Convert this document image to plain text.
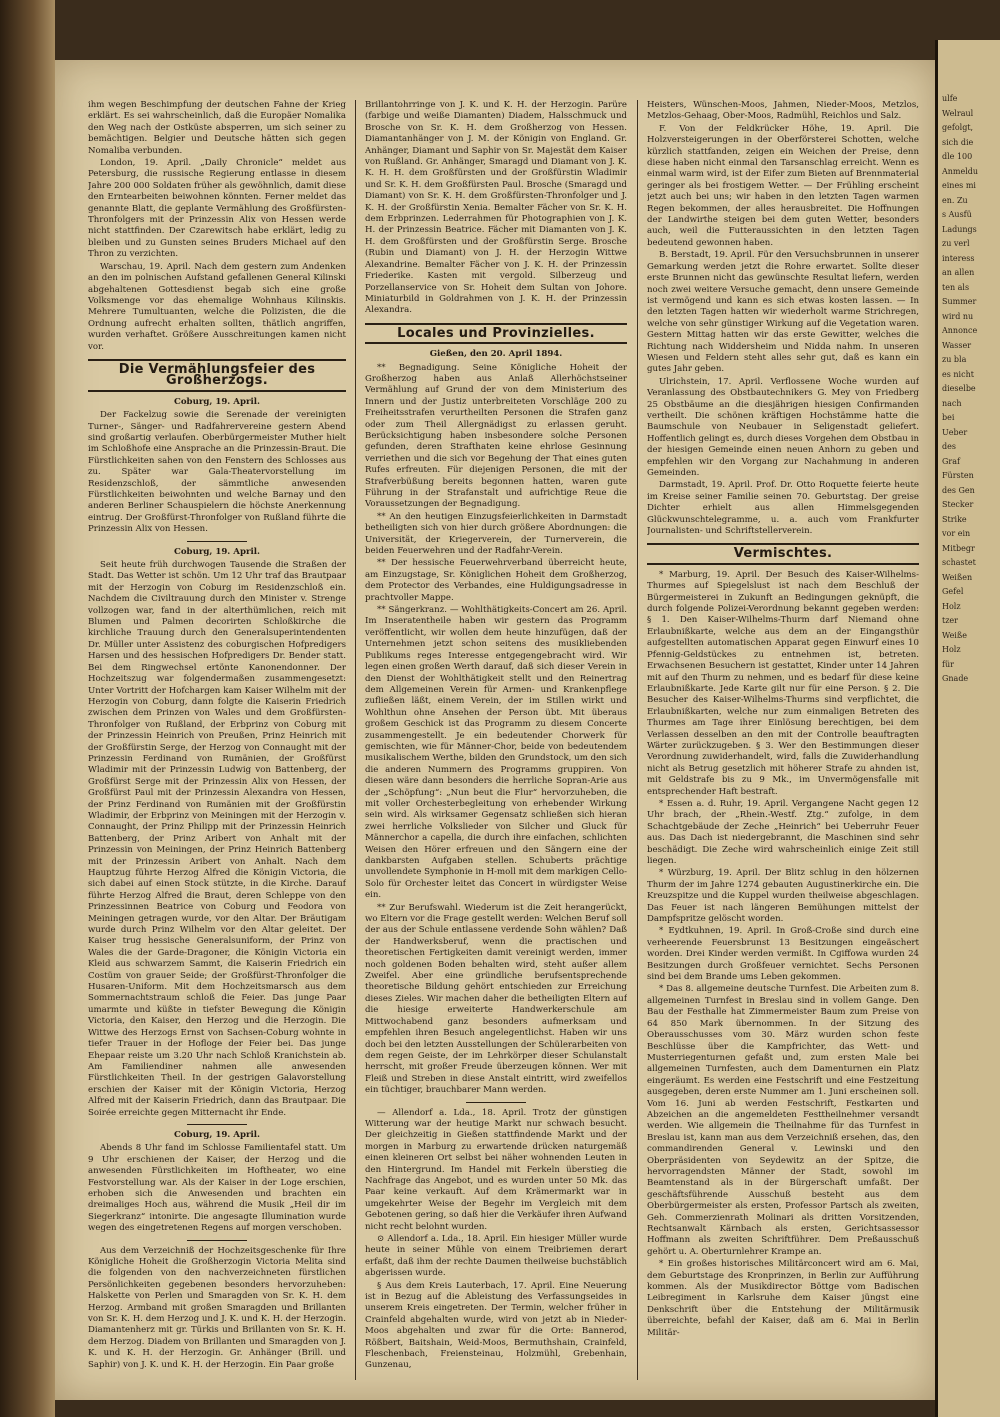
ihm wegen Beschimpfung der deutschen Fahne der Krieg erklärt. Es sei wahrscheinlich, daß die Europäer Nomalika den Weg nach der Ostküste absperren, um sich seiner zu bemächtigen. Belgier und Deutsche hätten sich gegen Nomaliba verbunden.

London, 19. April. „Daily Chronicle“ meldet aus Petersburg, die russische Regierung entlasse in diesem Jahre 200 000 Soldaten früher als gewöhnlich, damit diese den Erntearbeiten beiwohnen könnten. Ferner meldet das genannte Blatt, die geplante Vermählung des Großfürsten-Thronfolgers mit der Prinzessin Alix von Hessen werde nicht stattfinden. Der Czarewitsch habe erklärt, ledig zu bleiben und zu Gunsten seines Bruders Michael auf den Thron zu verzichten.

Warschau, 19. April. Nach dem gestern zum Andenken an den im polnischen Aufstand gefallenen General Kilinski abgehaltenen Gottesdienst begab sich eine große Volksmenge vor das ehemalige Wohnhaus Kilinskis. Mehrere Tumultuanten, welche die Polizisten, die die Ordnung aufrecht erhalten sollten, thätlich angriffen, wurden verhaftet. Größere Ausschreitungen kamen nicht vor.

Die Vermählungsfeier des Großherzogs.
Coburg, 19. April.

Der Fackelzug sowie die Serenade der vereinigten Turner-, Sänger- und Radfahrervereine gestern Abend sind großartig verlaufen. Oberbürgermeister Muther hielt im Schloßhofe eine Ansprache an die Prinzessin-Braut. Die Fürstlichkeiten sahen von den Fenstern des Schlosses aus zu. Später war Gala-Theatervorstellung im Residenzschloß, der sämmtliche anwesenden Fürstlichkeiten beiwohnten und welche Barnay und den anderen Berliner Schauspielern die höchste Anerkennung eintrug. Der Großfürst-Thronfolger von Rußland führte die Prinzessin Alix von Hessen.

Coburg, 19. April.

Seit heute früh durchwogen Tausende die Straßen der Stadt. Das Wetter ist schön. Um 12 Uhr traf das Brautpaar mit der Herzogin von Coburg im Residenzschloß ein. Nachdem die Civiltrauung durch den Minister v. Strenge vollzogen war, fand in der alterthümlichen, reich mit Blumen und Palmen decorirten Schloßkirche die kirchliche Trauung durch den Generalsuperintendenten Dr. Müller unter Assistenz des coburgischen Hofpredigers Harsen und des hessischen Hofpredigers Dr. Bender statt. Bei dem Ringwechsel ertönte Kanonendonner. Der Hochzeitszug war folgendermaßen zusammengesetzt: Unter Vortritt der Hofchargen kam Kaiser Wilhelm mit der Herzogin von Coburg, dann folgte die Kaiserin Friedrich zwischen dem Prinzen von Wales und dem Großfürsten-Thronfolger von Rußland, der Erbprinz von Coburg mit der Prinzessin Heinrich von Preußen, Prinz Heinrich mit der Großfürstin Serge, der Herzog von Connaught mit der Prinzessin Ferdinand von Rumänien, der Großfürst Wladimir mit der Prinzessin Ludwig von Battenberg, der Großfürst Serge mit der Prinzessin Alix von Hessen, der Großfürst Paul mit der Prinzessin Alexandra von Hessen, der Prinz Ferdinand von Rumänien mit der Großfürstin Wladimir, der Erbprinz von Meiningen mit der Herzogin v. Connaught, der Prinz Philipp mit der Prinzessin Heinrich Battenberg, der Prinz Aribert von Anhalt mit der Prinzessin von Meiningen, der Prinz Heinrich Battenberg mit der Prinzessin Aribert von Anhalt. Nach dem Hauptzug führte Herzog Alfred die Königin Victoria, die sich dabei auf einen Stock stützte, in die Kirche. Darauf führte Herzog Alfred die Braut, deren Schleppe von den Prinzessinnen Beatrice von Coburg und Feodora von Meiningen getragen wurde, vor den Altar. Der Bräutigam wurde durch Prinz Wilhelm vor den Altar geleitet. Der Kaiser trug hessische Generalsuniform, der Prinz von Wales die der Garde-Dragoner, die Königin Victoria ein Kleid aus schwarzem Sammt, die Kaiserin Friedrich ein Costüm von grauer Seide; der Großfürst-Thronfolger die Husaren-Uniform. Mit dem Hochzeitsmarsch aus dem Sommernachtstraum schloß die Feier. Das junge Paar umarmte und küßte in tiefster Bewegung die Königin Victoria, den Kaiser, den Herzog und die Herzogin. Die Wittwe des Herzogs Ernst von Sachsen-Coburg wohnte in tiefer Trauer in der Hofloge der Feier bei. Das junge Ehepaar reiste um 3.20 Uhr nach Schloß Kranichstein ab. Am Familiendiner nahmen alle anwesenden Fürstlichkeiten Theil. In der gestrigen Galavorstellung erschien der Kaiser mit der Königin Victoria, Herzog Alfred mit der Kaiserin Friedrich, dann das Brautpaar. Die Soirée erreichte gegen Mitternacht ihr Ende.

Coburg, 19. April.

Abends 8 Uhr fand im Schlosse Familientafel statt. Um 9 Uhr erschienen der Kaiser, der Herzog und die anwesenden Fürstlichkeiten im Hoftheater, wo eine Festvorstellung war. Als der Kaiser in der Loge erschien, erhoben sich die Anwesenden und brachten ein dreimaliges Hoch aus, während die Musik „Heil dir im Siegerkranz“ intonirte. Die angesagte Illumination wurde wegen des eingetretenen Regens auf morgen verschoben.

Aus dem Verzeichniß der Hochzeitsgeschenke für Ihre Königliche Hoheit die Großherzogin Victoria Melita sind die folgenden von den nachverzeichneten fürstlichen Persönlichkeiten gegebenen besonders hervorzuheben: Halskette von Perlen und Smaragden von Sr. K. H. dem Herzog. Armband mit großen Smaragden und Brillanten von Sr. K. H. dem Herzog und J. K. und K. H. der Herzogin. Diamantenherz mit gr. Türkis und Brillanten von Sr. K. H. dem Herzog. Diadem von Brillanten und Smaragden von J. K. und K. H. der Herzogin. Gr. Anhänger (Brill. und Saphir) von J. K. und K. H. der Herzogin. Ein Paar große

Brillantohrringe von J. K. und K. H. der Herzogin. Parüre (farbige und weiße Diamanten) Diadem, Halsschmuck und Brosche von Sr. K. H. dem Großherzog von Hessen. Diamantanhänger von J. M. der Königin von England. Gr. Anhänger, Diamant und Saphir von Sr. Majestät dem Kaiser von Rußland. Gr. Anhänger, Smaragd und Diamant von J. K. K. H. H. dem Großfürsten und der Großfürstin Wladimir und Sr. K. H. dem Großfürsten Paul. Brosche (Smaragd und Diamant) von Sr. K. H. dem Großfürsten-Thronfolger und J. K. H. der Großfürstin Xenia. Bemalter Fächer von Sr. K. H. dem Erbprinzen. Lederrahmen für Photographien von J. K. H. der Prinzessin Beatrice. Fächer mit Diamanten von J. K. H. dem Großfürsten und der Großfürstin Serge. Brosche (Rubin und Diamant) von J. H. der Herzogin Wittwe Alexandrine. Bemalter Fächer von J. K. H. der Prinzessin Friederike. Kasten mit vergold. Silberzeug und Porzellanservice von Sr. Hoheit dem Sultan von Johore. Miniaturbild in Goldrahmen von J. K. H. der Prinzessin Alexandra.

Locales und Provinzielles.
Gießen, den 20. April 1894.

** Begnadigung. Seine Königliche Hoheit der Großherzog haben aus Anlaß Allerhöchstseiner Vermählung auf Grund der von dem Ministerium des Innern und der Justiz unterbreiteten Vorschläge 200 zu Freiheitsstrafen verurtheilten Personen die Strafen ganz oder zum Theil Allergnädigst zu erlassen geruht. Berücksichtigung haben insbesondere solche Personen gefunden, deren Strafthaten keine ehrlose Gesinnung verriethen und die sich vor Begehung der That eines guten Rufes erfreuten. Für diejenigen Personen, die mit der Strafverbüßung bereits begonnen hatten, waren gute Führung in der Strafanstalt und aufrichtige Reue die Voraussetzungen der Begnadigung.

** An den heutigen Einzugsfeierlichkeiten in Darmstadt betheiligten sich von hier durch größere Abordnungen: die Universität, der Kriegerverein, der Turnerverein, die beiden Feuerwehren und der Radfahr-Verein.

** Der hessische Feuerwehrverband überreicht heute, am Einzugstage, Sr. Königlichen Hoheit dem Großherzog, dem Protector des Verbandes, eine Huldigungsadresse in prachtvoller Mappe.

** Sängerkranz. — Wohlthätigkeits-Concert am 26. April. Im Inseratentheile haben wir gestern das Programm veröffentlicht, wir wollen dem heute hinzufügen, daß der Unternehmen jetzt schon seitens des musikliebenden Publikums reges Interesse entgegengebracht wird. Wir legen einen großen Werth darauf, daß sich dieser Verein in den Dienst der Wohlthätigkeit stellt und den Reinertrag dem Allgemeinen Verein für Armen- und Krankenpflege zufließen läßt, einem Verein, der im Stillen wirkt und Wohlthun ohne Ansehen der Person übt. Mit überaus großem Geschick ist das Programm zu diesem Concerte zusammengestellt. Je ein bedeutender Chorwerk für gemischten, wie für Männer-Chor, beide von bedeutendem musikalischem Werthe, bilden den Grundstock, um den sich die anderen Nummern des Programms gruppiren. Von diesen wäre dann besonders die herrliche Sopran-Arie aus der „Schöpfung“: „Nun beut die Flur“ hervorzuheben, die mit voller Orchesterbegleitung von erhebender Wirkung sein wird. Als wirksamer Gegensatz schließen sich hieran zwei herrliche Volkslieder von Silcher und Gluck für Männerchor a capella, die durch ihre einfachen, schlichten Weisen den Hörer erfreuen und den Sängern eine der dankbarsten Aufgaben stellen. Schuberts prächtige unvollendete Symphonie in H-moll mit dem markigen Cello-Solo für Orchester leitet das Concert in würdigster Weise ein.

** Zur Berufswahl. Wiederum ist die Zeit herangerückt, wo Eltern vor die Frage gestellt werden: Welchen Beruf soll der aus der Schule entlassene verdende Sohn wählen? Daß der Handwerksberuf, wenn die practischen und theoretischen Fertigkeiten damit vereinigt werden, immer noch goldenen Boden behalten wird, steht außer allem Zweifel. Aber eine gründliche berufsentsprechende theoretische Bildung gehört entschieden zur Erreichung dieses Zieles. Wir machen daher die betheiligten Eltern auf die hiesige erweiterte Handwerkerschule am Mittwochabend ganz besonders aufmerksam und empfehlen ihren Besuch angelegentlichst. Haben wir uns doch bei den letzten Ausstellungen der Schülerarbeiten von dem regen Geiste, der im Lehrkörper dieser Schulanstalt herrscht, mit großer Freude überzeugen können. Wer mit Fleiß und Streben in diese Anstalt eintritt, wird zweifellos ein tüchtiger, brauchbarer Mann werden.

— Allendorf a. Lda., 18. April. Trotz der günstigen Witterung war der heutige Markt nur schwach besucht. Der gleichzeitig in Gießen stattfindende Markt und der morgen in Marburg zu erwartende drücken naturgemäß einen kleineren Ort selbst bei näher wohnenden Leuten in den Hintergrund. Im Handel mit Ferkeln überstieg die Nachfrage das Angebot, und es wurden unter 50 Mk. das Paar keine verkauft. Auf dem Krämermarkt war in umgekehrter Weise der Begehr im Vergleich mit dem Gebotenen gering, so daß hier die Verkäufer ihren Aufwand nicht recht belohnt wurden.

⊙ Allendorf a. Lda., 18. April. Ein hiesiger Müller wurde heute in seiner Mühle von einem Treibriemen derart erfaßt, daß ihm der rechte Daumen theilweise buchstäblich abgerissen wurde.

§ Aus dem Kreis Lauterbach, 17. April. Eine Neuerung ist in Bezug auf die Ableistung des Verfassungseides in unserem Kreis eingetreten. Der Termin, welcher früher in Crainfeld abgehalten wurde, wird von jetzt ab in Nieder-Moos abgehalten und zwar für die Orte: Bannerod, Rößbert, Baitshain, Weid-Moos, Bermuthshain, Crainfeld, Fleschenbach, Freiensteinau, Holzmühl, Grebenhain, Gunzenau,

Heisters, Wünschen-Moos, Jahmen, Nieder-Moos, Metzlos, Metzlos-Gehaag, Ober-Moos, Radmühl, Reichlos und Salz.

F. Von der Feldkrücker Höhe, 19. April. Die Holzversteigerungen in der Oberförsterei Schotten, welche kürzlich stattfanden, zeigen ein Weichen der Preise, denn diese haben nicht einmal den Tarsanschlag erreicht. Wenn es einmal warm wird, ist der Eifer zum Bieten auf Brennmaterial geringer als bei frostigem Wetter. — Der Frühling erscheint jetzt auch bei uns; wir haben in den letzten Tagen warmen Regen bekommen, der alles herausbreitet. Die Hoffnungen der Landwirthe steigen bei dem guten Wetter, besonders auch, weil die Futteraussichten in den letzten Tagen bedeutend gewonnen haben.

B. Berstadt, 19. April. Für den Versuchsbrunnen in unserer Gemarkung werden jetzt die Rohre erwartet. Sollte dieser erste Brunnen nicht das gewünschte Resultat liefern, werden noch zwei weitere Versuche gemacht, denn unsere Gemeinde ist vermögend und kann es sich etwas kosten lassen. — In den letzten Tagen hatten wir wiederholt warme Strichregen, welche von sehr günstiger Wirkung auf die Vegetation waren. Gestern Mittag hatten wir das erste Gewitter, welches die Richtung nach Widdersheim und Nidda nahm. In unseren Wiesen und Feldern steht alles sehr gut, daß es kann ein gutes Jahr geben.

Ulrichstein, 17. April. Verflossene Woche wurden auf Veranlassung des Obstbautechnikers G. Mey von Friedberg 25 Obstbäume an die diesjährigen hiesigen Confirmanden vertheilt. Die schönen kräftigen Hochstämme hatte die Baumschule von Neubauer in Seligenstadt geliefert. Hoffentlich gelingt es, durch dieses Vorgehen dem Obstbau in der hiesigen Gemeinde einen neuen Anhorn zu geben und empfehlen wir den Vorgang zur Nachahmung in anderen Gemeinden.

Darmstadt, 19. April. Prof. Dr. Otto Roquette feierte heute im Kreise seiner Familie seinen 70. Geburtstag. Der greise Dichter erhielt aus allen Himmelsgegenden Glückwunschtelegramme, u. a. auch vom Frankfurter Journalisten- und Schriftstellerverein.

Vermischtes.

* Marburg, 19. April. Der Besuch des Kaiser-Wilhelms-Thurmes auf Spiegelslust ist nach dem Beschluß der Bürgermeisterei in Zukunft an Bedingungen geknüpft, die durch folgende Polizei-Verordnung bekannt gegeben werden: § 1. Den Kaiser-Wilhelms-Thurm darf Niemand ohne Erlaubnißkarte, welche aus dem an der Eingangsthür aufgestellten automatischen Apparat gegen Einwurf eines 10 Pfennig-Geldstückes zu entnehmen ist, betreten. Erwachsenen Besuchern ist gestattet, Kinder unter 14 Jahren mit auf den Thurm zu nehmen, und es bedarf für diese keine Erlaubnißkarte. Jede Karte gilt nur für eine Person. § 2. Die Besucher des Kaiser-Wilhelms-Thurms sind verpflichtet, die Erlaubnißkarten, welche nur zum einmaligen Betreten des Thurmes am Tage ihrer Einlösung berechtigen, bei dem Verlassen desselben an den mit der Controlle beauftragten Wärter zurückzugeben. § 3. Wer den Bestimmungen dieser Verordnung zuwiderhandelt, wird, falls die Zuwiderhandlung nicht als Betrug gesetzlich mit höherer Strafe zu ahnden ist, mit Geldstrafe bis zu 9 Mk., im Unvermögensfalle mit entsprechender Haft bestraft.

* Essen a. d. Ruhr, 19. April. Vergangene Nacht gegen 12 Uhr brach, der „Rhein.-Westf. Ztg.“ zufolge, in dem Schachtgebäude der Zeche „Heinrich“ bei Ueberruhr Feuer aus. Das Dach ist niedergebrannt, die Maschinen sind sehr beschädigt. Die Zeche wird wahrscheinlich einige Zeit still liegen.

* Würzburg, 19. April. Der Blitz schlug in den hölzernen Thurm der im Jahre 1274 gebauten Augustinerkirche ein. Die Kreuzspitze und die Kuppel wurden theilweise abgeschlagen. Das Feuer ist nach längeren Bemühungen mittelst der Dampfspritze gelöscht worden.

* Eydtkuhnen, 19. April. In Groß-Croße sind durch eine verheerende Feuersbrunst 13 Besitzungen eingeäschert worden. Drei Kinder werden vermißt. In Cgiffowa wurden 24 Besitzungen durch Großfeuer vernichtet. Sechs Personen sind bei dem Brande ums Leben gekommen.

* Das 8. allgemeine deutsche Turnfest. Die Arbeiten zum 8. allgemeinen Turnfest in Breslau sind in vollem Gange. Den Bau der Festhalle hat Zimmermeister Baum zum Preise von 64 850 Mark übernommen. In der Sitzung des Oberausschusses vom 30. März wurden schon feste Beschlüsse über die Kampfrichter, das Wett- und Musterriegenturnen gefaßt und, zum ersten Male bei allgemeinen Turnfesten, auch dem Damenturnen ein Platz eingeräumt. Es werden eine Festschrift und eine Festzeitung ausgegeben, deren erste Nummer am 1. Juni erscheinen soll. Vom 16. Juni ab werden Festschrift, Festkarten und Abzeichen an die angemeldeten Festtheilnehmer versandt werden. Wie allgemein die Theilnahme für das Turnfest in Breslau ist, kann man aus dem Verzeichniß ersehen, das, den commandirenden General v. Lewinski und den Oberpräsidenten von Seydewitz an der Spitze, die hervorragendsten Männer der Stadt, sowohl im Beamtenstand als in der Bürgerschaft umfaßt. Der geschäftsführende Ausschuß besteht aus dem Oberbürgermeister als ersten, Professor Partsch als zweiten, Geh. Commerzienrath Molinari als dritten Vorsitzenden, Rechtsanwalt Kärnbach als ersten, Gerichtsassessor Hoffmann als zweiten Schriftführer. Dem Preßausschuß gehört u. A. Oberturnlehrer Krampe an.

* Ein großes historisches Militärconcert wird am 6. Mai, dem Geburtstage des Kronprinzen, in Berlin zur Aufführung kommen. Als der Musikdirector Böttge vom Badischen Leibregiment in Karlsruhe dem Kaiser jüngst eine Denkschrift über die Entstehung der Militärmusik überreichte, befahl der Kaiser, daß am 6. Mai in Berlin Militär-

ulfe
Welraul
gefolgt,
sich die
dle 100
Anmeldu
eines mi
en. Zu
s Ausfü
Ladungs
zu verl
interess
an allen
ten als
Summer
wird nu
Annonce
Wasser
zu bla
es nicht
dieselbe
nach
bei
Ueber
des
Graf
Fürsten
des Gen
Stecker
Strike
vor ein
Mitbegr
schastet
Weißen
Gefel
Holz
tzer
Weiße
Holz
für
Gnade
